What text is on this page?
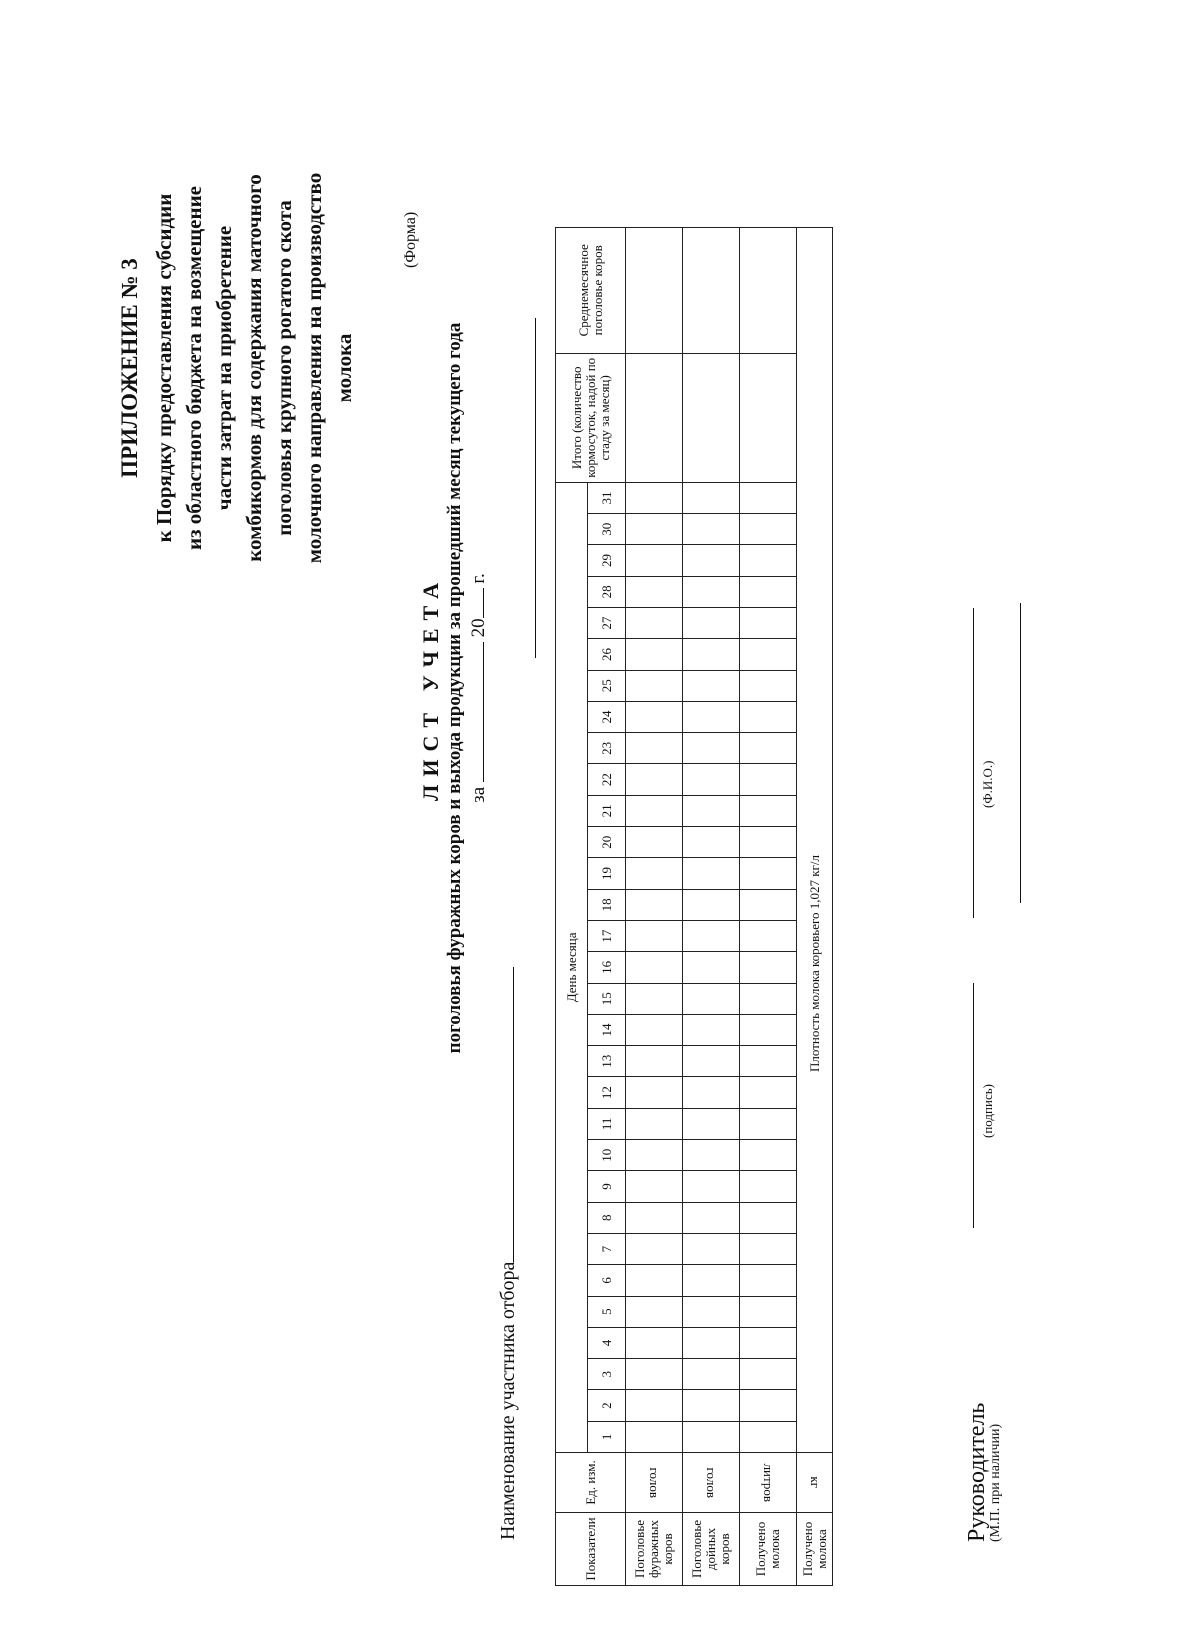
ПРИЛОЖЕНИЕ № 3 к Порядку предоставления субсидии из областного бюджета на возмещение части затрат на приобретение комбикормов для содержания маточного поголовья крупного рогатого скота молочного направления на производство молока
(Форма)
ЛИСТ УЧЕТА поголовья фуражных коров и выхода продукции за прошедший месяц текущего года за  20 г.
Наименование участника отбора
Показатели	Ед. изм.	День месяца																															Итого (количество кормосуток, надой по стаду за месяц)	Среднемесячное поголовье коров
		1	2	3	4	5	6	7	8	9	10	11	12	13	14	15	16	17	18	19	20	21	22	23	24	25	26	27	28	29	30	31		
Поголовье фуражных коров	голов																																	
Поголовье дойных коров	голов																																	
Получено молока	литров																																	
Получено молока	кг	Плотность молока коровьего 1,027 кг/л																																
Руководитель
(М.П. при наличии)
(подпись)
(Ф.И.О.)
